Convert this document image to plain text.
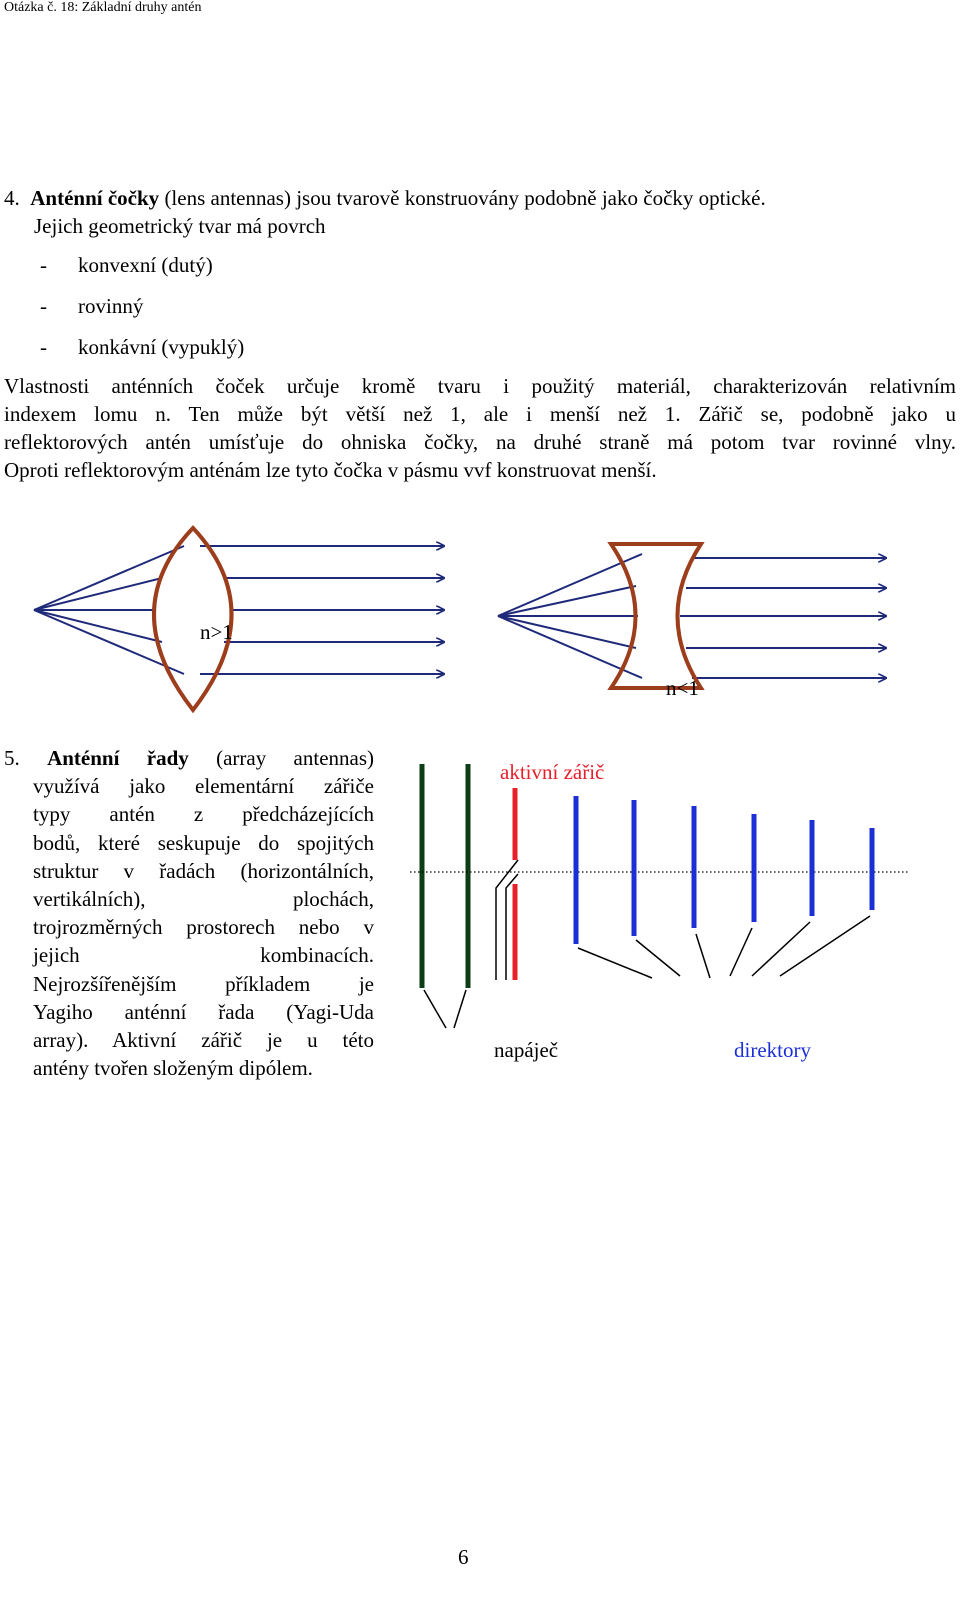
Otázka č. 18: Základní druhy antén
4. Anténní čočky (lens antennas) jsou tvarově konstruovány podobně jako čočky optické.
Jejich geometrický tvar má povrch
- konvexní (dutý)
- rovinný
- konkávní (vypuklý)
Vlastnosti anténních čoček určuje kromě tvaru i použitý materiál, charakterizován relativním
indexem lomu n. Ten může být větší než 1, ale i menší než 1. Zářič se, podobně jako u
reflektorových antén umísťuje do ohniska čočky, na druhé straně má potom tvar rovinné vlny.
Oproti reflektorovým anténám lze tyto čočka v pásmu vvf konstruovat menší.
n>1
n<1
5. Anténní řady (array antennas)
využívá jako elementární zářiče
typy antén z předcházejících
bodů, které seskupuje do spojitých
struktur v řadách (horizontálních,
vertikálních), plochách,
trojrozměrných prostorech nebo v
jejich kombinacích.
Nejrozšířenějším příkladem je
Yagiho anténní řada (Yagi-Uda
array). Aktivní zářič je u této
antény tvořen složeným dipólem.
aktivní zářič
napáječ	direktory
6
